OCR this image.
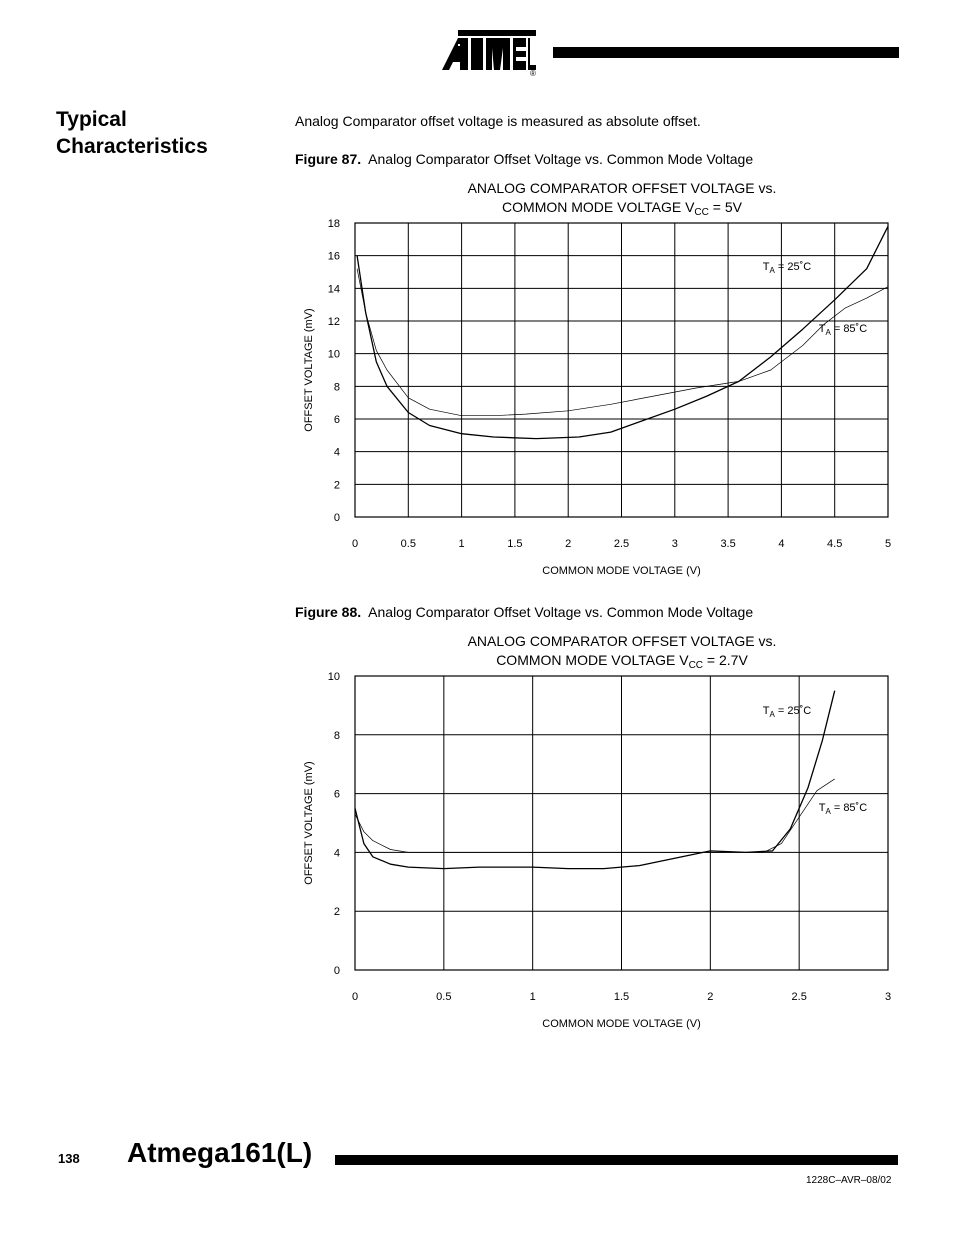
®
Typical
Characteristics
Analog Comparator offset voltage is measured as absolute offset.
Figure 87. Analog Comparator Offset Voltage vs. Common Mode Voltage
ANALOG COMPARATOR OFFSET VOLTAGE vs.
COMMON MODE VOLTAGE $V_{CC} = 5V$
0	0.5	1	1.5	2	2.5	3	3.5	4	4.5	5
0
2
4
6
8
10
12
14
16
18
COMMON MODE VOLTAGE (V)
OFFSET VOLTAGE (mV)
$T_A$ = 25˚C
$T_A$ = 85˚C
Figure 88. Analog Comparator Offset Voltage vs. Common Mode Voltage
ANALOG COMPARATOR OFFSET VOLTAGE vs.
COMMON MODE VOLTAGE $V_{CC} = 2.7V$
0	0.5	1	1.5	2	2.5	3
0
2
4
6
8
10
COMMON MODE VOLTAGE (V)
OFFSET VOLTAGE (mV)
$T_A$ = 25˚C
$T_A$ = 85˚C
138 Atmega161(L)
1228C–AVR–08/02
